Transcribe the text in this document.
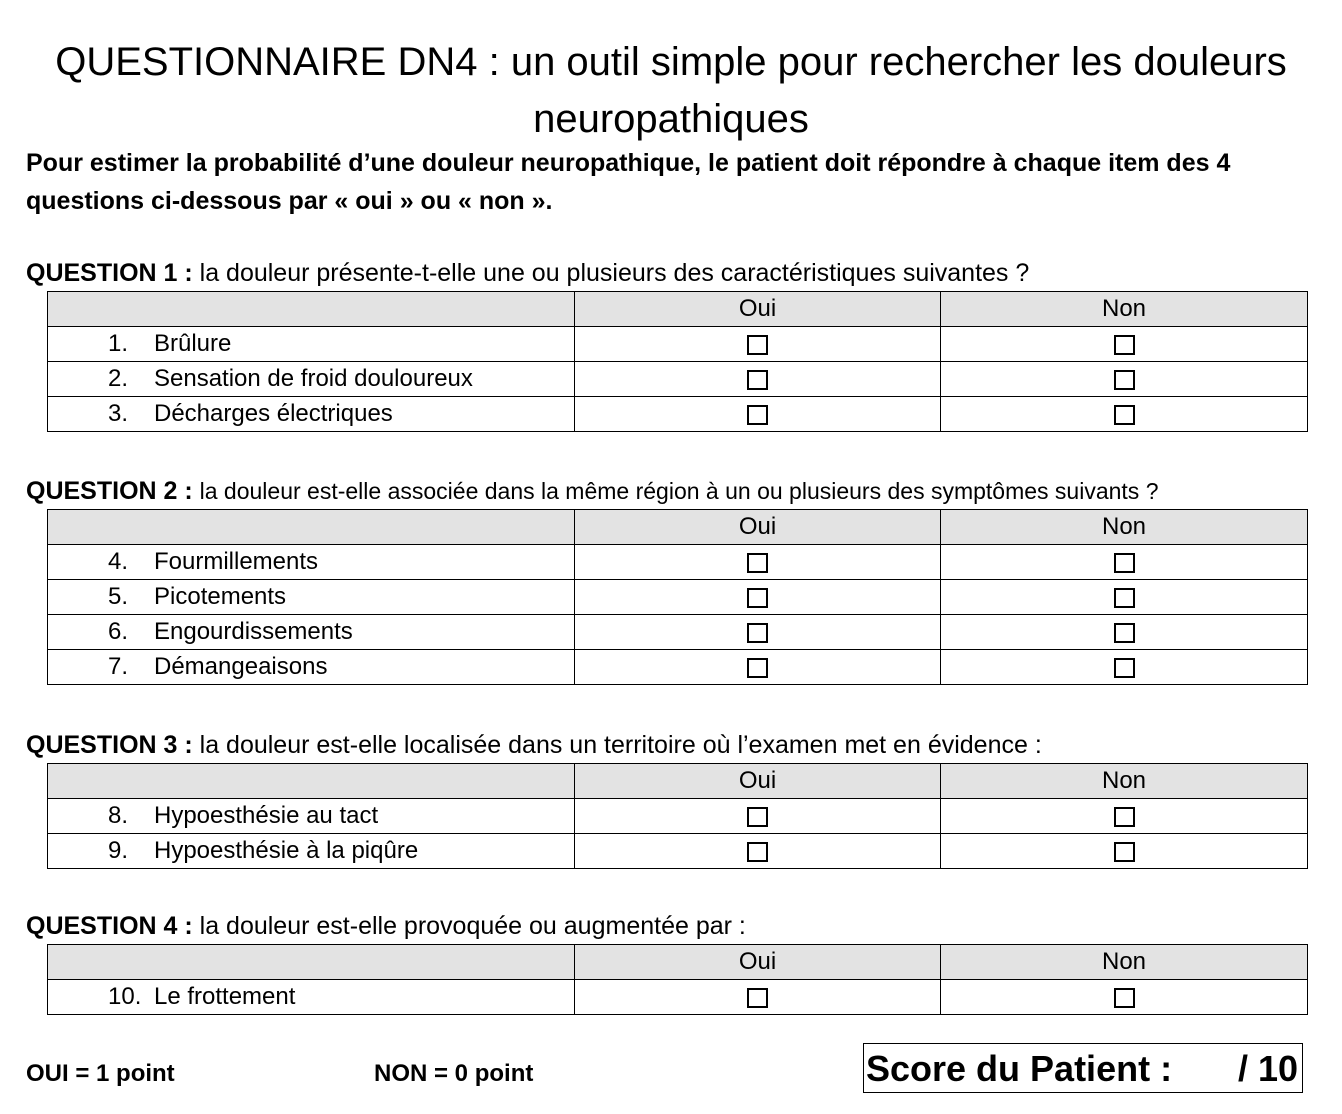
QUESTIONNAIRE DN4 : un outil simple pour rechercher les douleurs neuropathiques
Pour estimer la probabilité d’une douleur neuropathique, le patient doit répondre à chaque item des 4 questions ci-dessous par « oui » ou « non ».
QUESTION 1 : la douleur présente-t-elle une ou plusieurs des caractéristiques suivantes ?
	Oui	Non
1. Brûlure		
2. Sensation de froid douloureux		
3. Décharges électriques		
QUESTION 2 : la douleur est-elle associée dans la même région à un ou plusieurs des symptômes suivants ?
	Oui	Non
4. Fourmillements		
5. Picotements		
6. Engourdissements		
7. Démangeaisons		
QUESTION 3 : la douleur est-elle localisée dans un territoire où l’examen met en évidence :
	Oui	Non
8. Hypoesthésie au tact		
9. Hypoesthésie à la piqûre		
QUESTION 4 : la douleur est-elle provoquée ou augmentée par :
	Oui	Non
10. Le frottement		
OUI = 1 point	NON = 0 point	Score du Patient : / 10
